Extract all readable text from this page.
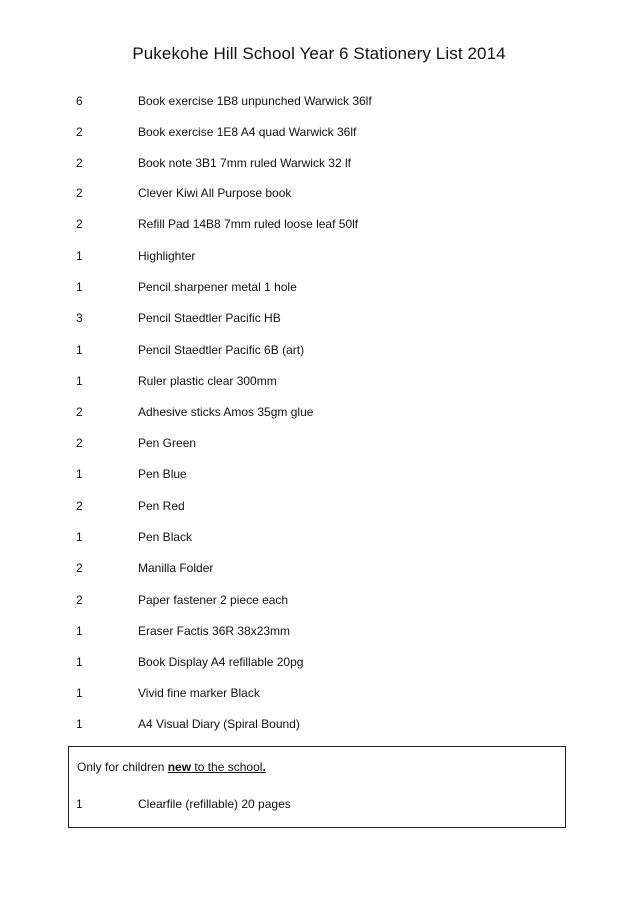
Pukekohe Hill School Year 6 Stationery List 2014
6	Book exercise 1B8 unpunched Warwick 36lf
2	Book exercise 1E8 A4 quad Warwick 36lf
2	Book note 3B1 7mm ruled Warwick 32 lf
2	Clever Kiwi All Purpose book
2	Refill Pad 14B8 7mm ruled loose leaf 50lf
1	Highlighter
1	Pencil sharpener metal 1 hole
3	Pencil Staedtler Pacific HB
1	Pencil Staedtler Pacific 6B (art)
1	Ruler plastic clear 300mm
2	Adhesive sticks Amos 35gm glue
2	Pen Green
1	Pen Blue
2	Pen Red
1	Pen Black
2	Manilla Folder
2	Paper fastener 2 piece each
1	Eraser Factis 36R 38x23mm
1	Book Display A4 refillable 20pg
1	Vivid fine marker Black
1	A4 Visual Diary (Spiral Bound)
Only for children new to the school.
1	Clearfile (refillable) 20 pages
